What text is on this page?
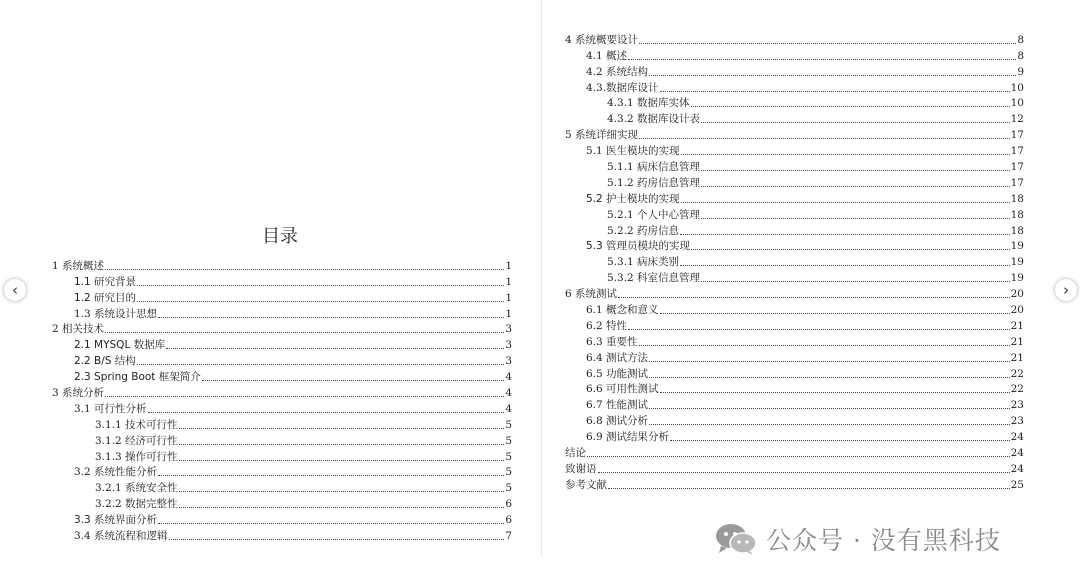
‹	›
目录
1 系统概述	1
1.1 研究背景	1
1.2 研究目的	1
1.3 系统设计思想	1
2 相关技术	3
2.1 MYSQL 数据库	3
2.2 B/S 结构	3
2.3 Spring Boot 框架简介	4
3 系统分析	4
3.1 可行性分析	4
3.1.1 技术可行性	5
3.1.2 经济可行性	5
3.1.3 操作可行性	5
3.2 系统性能分析	5
3.2.1 系统安全性	5
3.2.2 数据完整性	6
3.3 系统界面分析	6
3.4 系统流程和逻辑	7
4 系统概要设计	8
4.1 概述	8
4.2 系统结构	9
4.3.数据库设计	10
4.3.1 数据库实体	10
4.3.2 数据库设计表	12
5 系统详细实现	17
5.1 医生模块的实现	17
5.1.1 病床信息管理	17
5.1.2 药房信息管理	17
5.2 护士模块的实现	18
5.2.1 个人中心管理	18
5.2.2 药房信息	18
5.3 管理员模块的实现	19
5.3.1 病床类别	19
5.3.2 科室信息管理	19
6 系统测试	20
6.1 概念和意义	20
6.2 特性	21
6.3 重要性	21
6.4 测试方法	21
6.5 功能测试	22
6.6 可用性测试	22
6.7 性能测试	23
6.8 测试分析	23
6.9 测试结果分析	24
结论	24
致谢语	24
参考文献	25
公众号 · 没有黑科技
